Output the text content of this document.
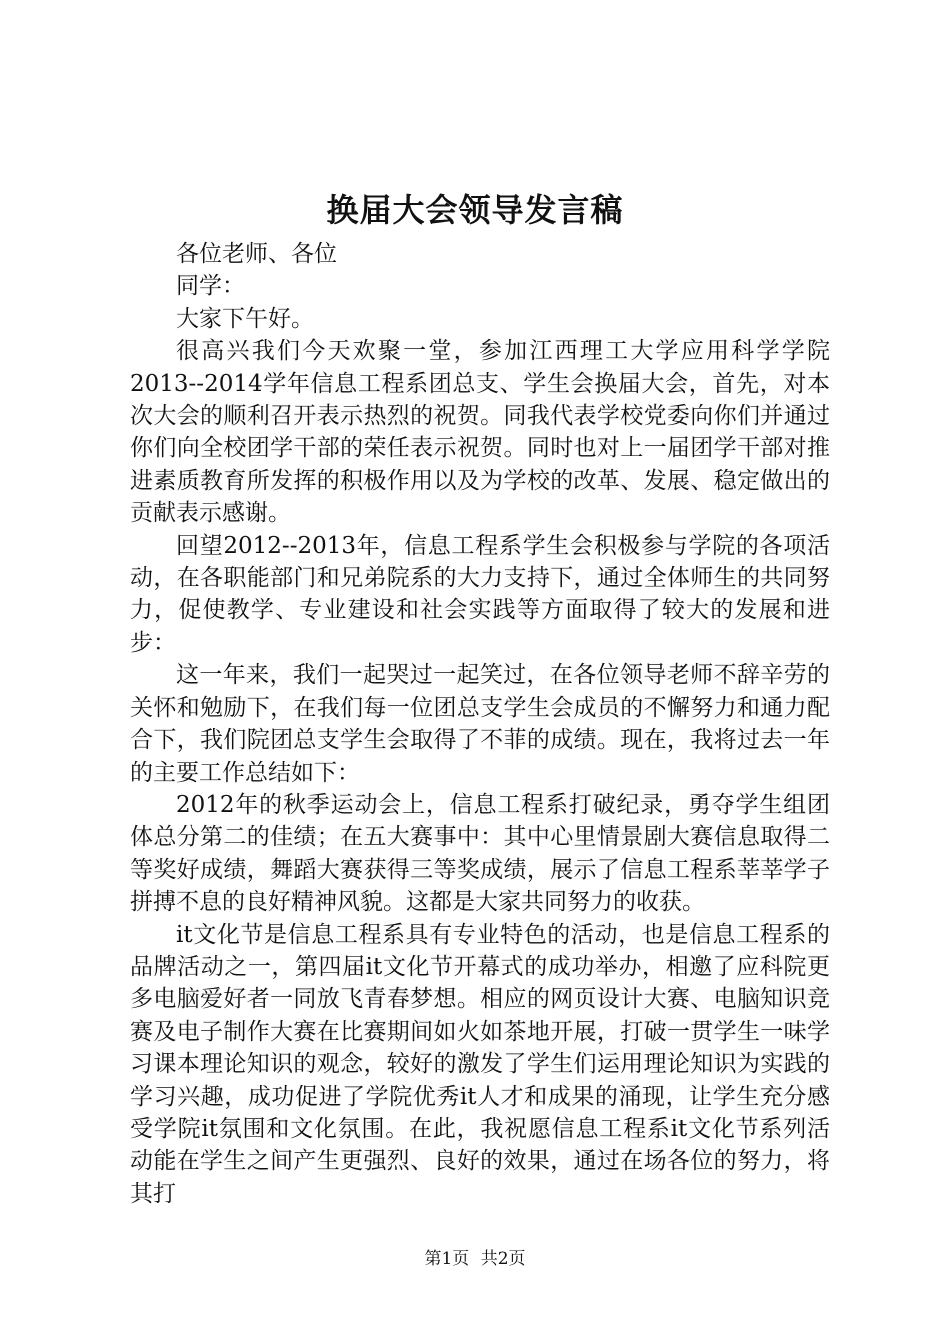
换届大会领导发言稿

各位老师、各位

同学：

大家下午好。

很高兴我们今天欢聚一堂，参加江西理工大学应用科学学院2013--2014学年信息工程系团总支、学生会换届大会，首先，对本次大会的顺利召开表示热烈的祝贺。同我代表学校党委向你们并通过你们向全校团学干部的荣任表示祝贺。同时也对上一届团学干部对推进素质教育所发挥的积极作用以及为学校的改革、发展、稳定做出的贡献表示感谢。

回望2012--2013年，信息工程系学生会积极参与学院的各项活动，在各职能部门和兄弟院系的大力支持下，通过全体师生的共同努力，促使教学、专业建设和社会实践等方面取得了较大的发展和进步：

这一年来，我们一起哭过一起笑过，在各位领导老师不辞辛劳的关怀和勉励下，在我们每一位团总支学生会成员的不懈努力和通力配合下，我们院团总支学生会取得了不菲的成绩。现在，我将过去一年的主要工作总结如下：

2012年的秋季运动会上，信息工程系打破纪录，勇夺学生组团体总分第二的佳绩；在五大赛事中：其中心里情景剧大赛信息取得二等奖好成绩，舞蹈大赛获得三等奖成绩，展示了信息工程系莘莘学子拼搏不息的良好精神风貌。这都是大家共同努力的收获。

it文化节是信息工程系具有专业特色的活动，也是信息工程系的品牌活动之一，第四届it文化节开幕式的成功举办，相邀了应科院更多电脑爱好者一同放飞青春梦想。相应的网页设计大赛、电脑知识竞赛及电子制作大赛在比赛期间如火如茶地开展，打破一贯学生一味学习课本理论知识的观念，较好的激发了学生们运用理论知识为实践的学习兴趣，成功促进了学院优秀it人才和成果的涌现，让学生充分感受学院it氛围和文化氛围。在此，我祝愿信息工程系it文化节系列活动能在学生之间产生更强烈、良好的效果，通过在场各位的努力，将其打

第1页 共2页
